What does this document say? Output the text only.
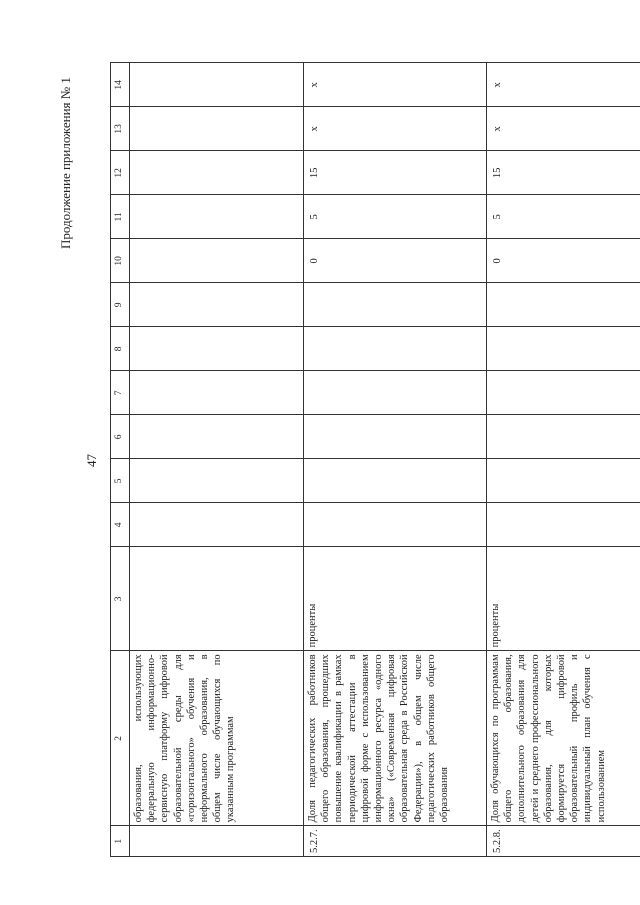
Продолжение приложения № 1
47
1	2	3	4	5	6	7	8	9	10	11	12	13	14
	образования, использующих федеральную информационно-сервисную платформу цифровой образовательной среды для «горизонтального» обучения и неформального образования, в общем числе обучающихся по указанным программам												
5.2.7.	Доля педагогических работников общего образования, прошедших повышение квалификации в рамках периодической аттестации в цифровой форме с использованием информационного ресурса «одного окна» («Современная цифровая образовательная среда в Российской Федерации»), в общем числе педагогических работников общего образования	проценты							0	5	15	x	x
5.2.8.	Доля обучающихся по программам общего образования, дополнительного образования для детей и среднего профессионального образования, для которых формируется цифровой образовательный профиль и индивидуальный план обучения с использованием	проценты							0	5	15	x	x
